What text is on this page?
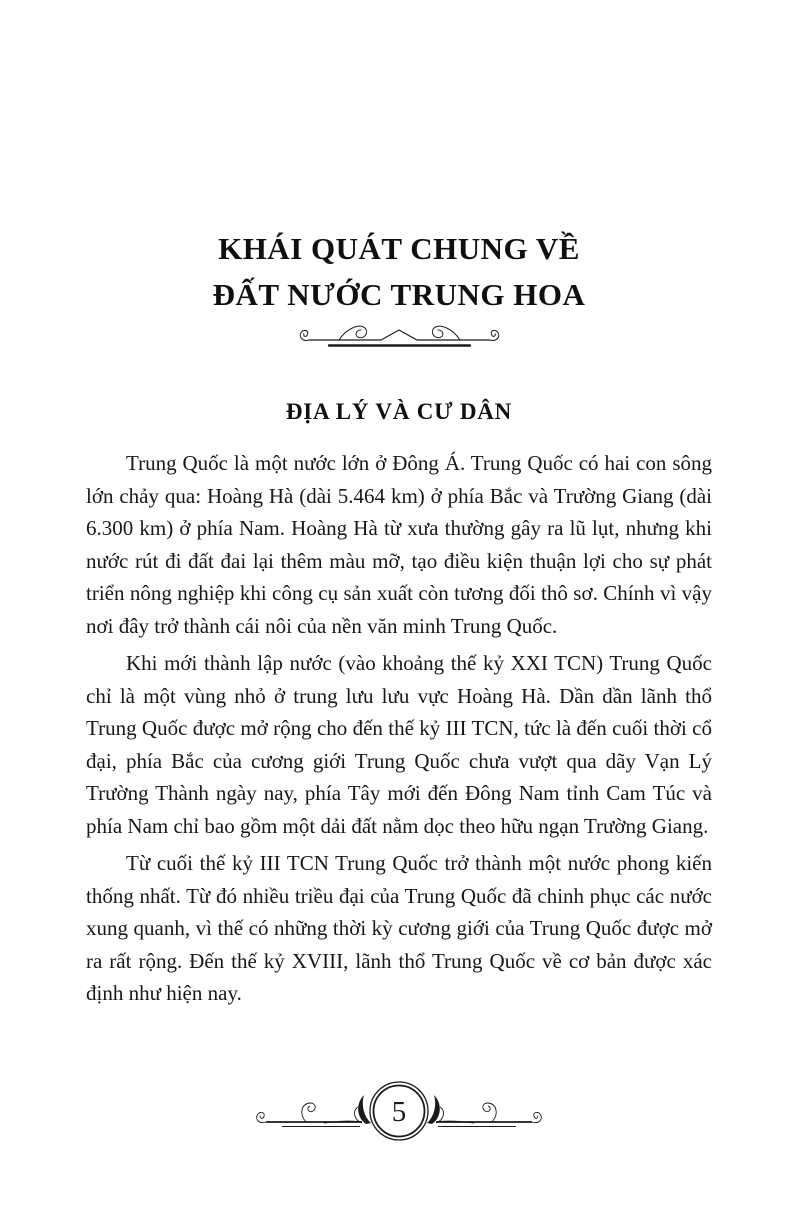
KHÁI QUÁT CHUNG VỀ
ĐẤT NƯỚC TRUNG HOA
ĐỊA LÝ VÀ CƯ DÂN

Trung Quốc là một nước lớn ở Đông Á. Trung Quốc có hai con sông lớn chảy qua: Hoàng Hà (dài 5.464 km) ở phía Bắc và Trường Giang (dài 6.300 km) ở phía Nam. Hoàng Hà từ xưa thường gây ra lũ lụt, nhưng khi nước rút đi đất đai lại thêm màu mỡ, tạo điều kiện thuận lợi cho sự phát triển nông nghiệp khi công cụ sản xuất còn tương đối thô sơ. Chính vì vậy nơi đây trở thành cái nôi của nền văn minh Trung Quốc.

Khi mới thành lập nước (vào khoảng thế kỷ XXI TCN) Trung Quốc chỉ là một vùng nhỏ ở trung lưu lưu vực Hoàng Hà. Dần dần lãnh thổ Trung Quốc được mở rộng cho đến thế kỷ III TCN, tức là đến cuối thời cổ đại, phía Bắc của cương giới Trung Quốc chưa vượt qua dãy Vạn Lý Trường Thành ngày nay, phía Tây mới đến Đông Nam tỉnh Cam Túc và phía Nam chỉ bao gồm một dải đất nằm dọc theo hữu ngạn Trường Giang.

Từ cuối thế kỷ III TCN Trung Quốc trở thành một nước phong kiến thống nhất. Từ đó nhiều triều đại của Trung Quốc đã chinh phục các nước xung quanh, vì thế có những thời kỳ cương giới của Trung Quốc được mở ra rất rộng. Đến thế kỷ XVIII, lãnh thổ Trung Quốc về cơ bản được xác định như hiện nay.

5
